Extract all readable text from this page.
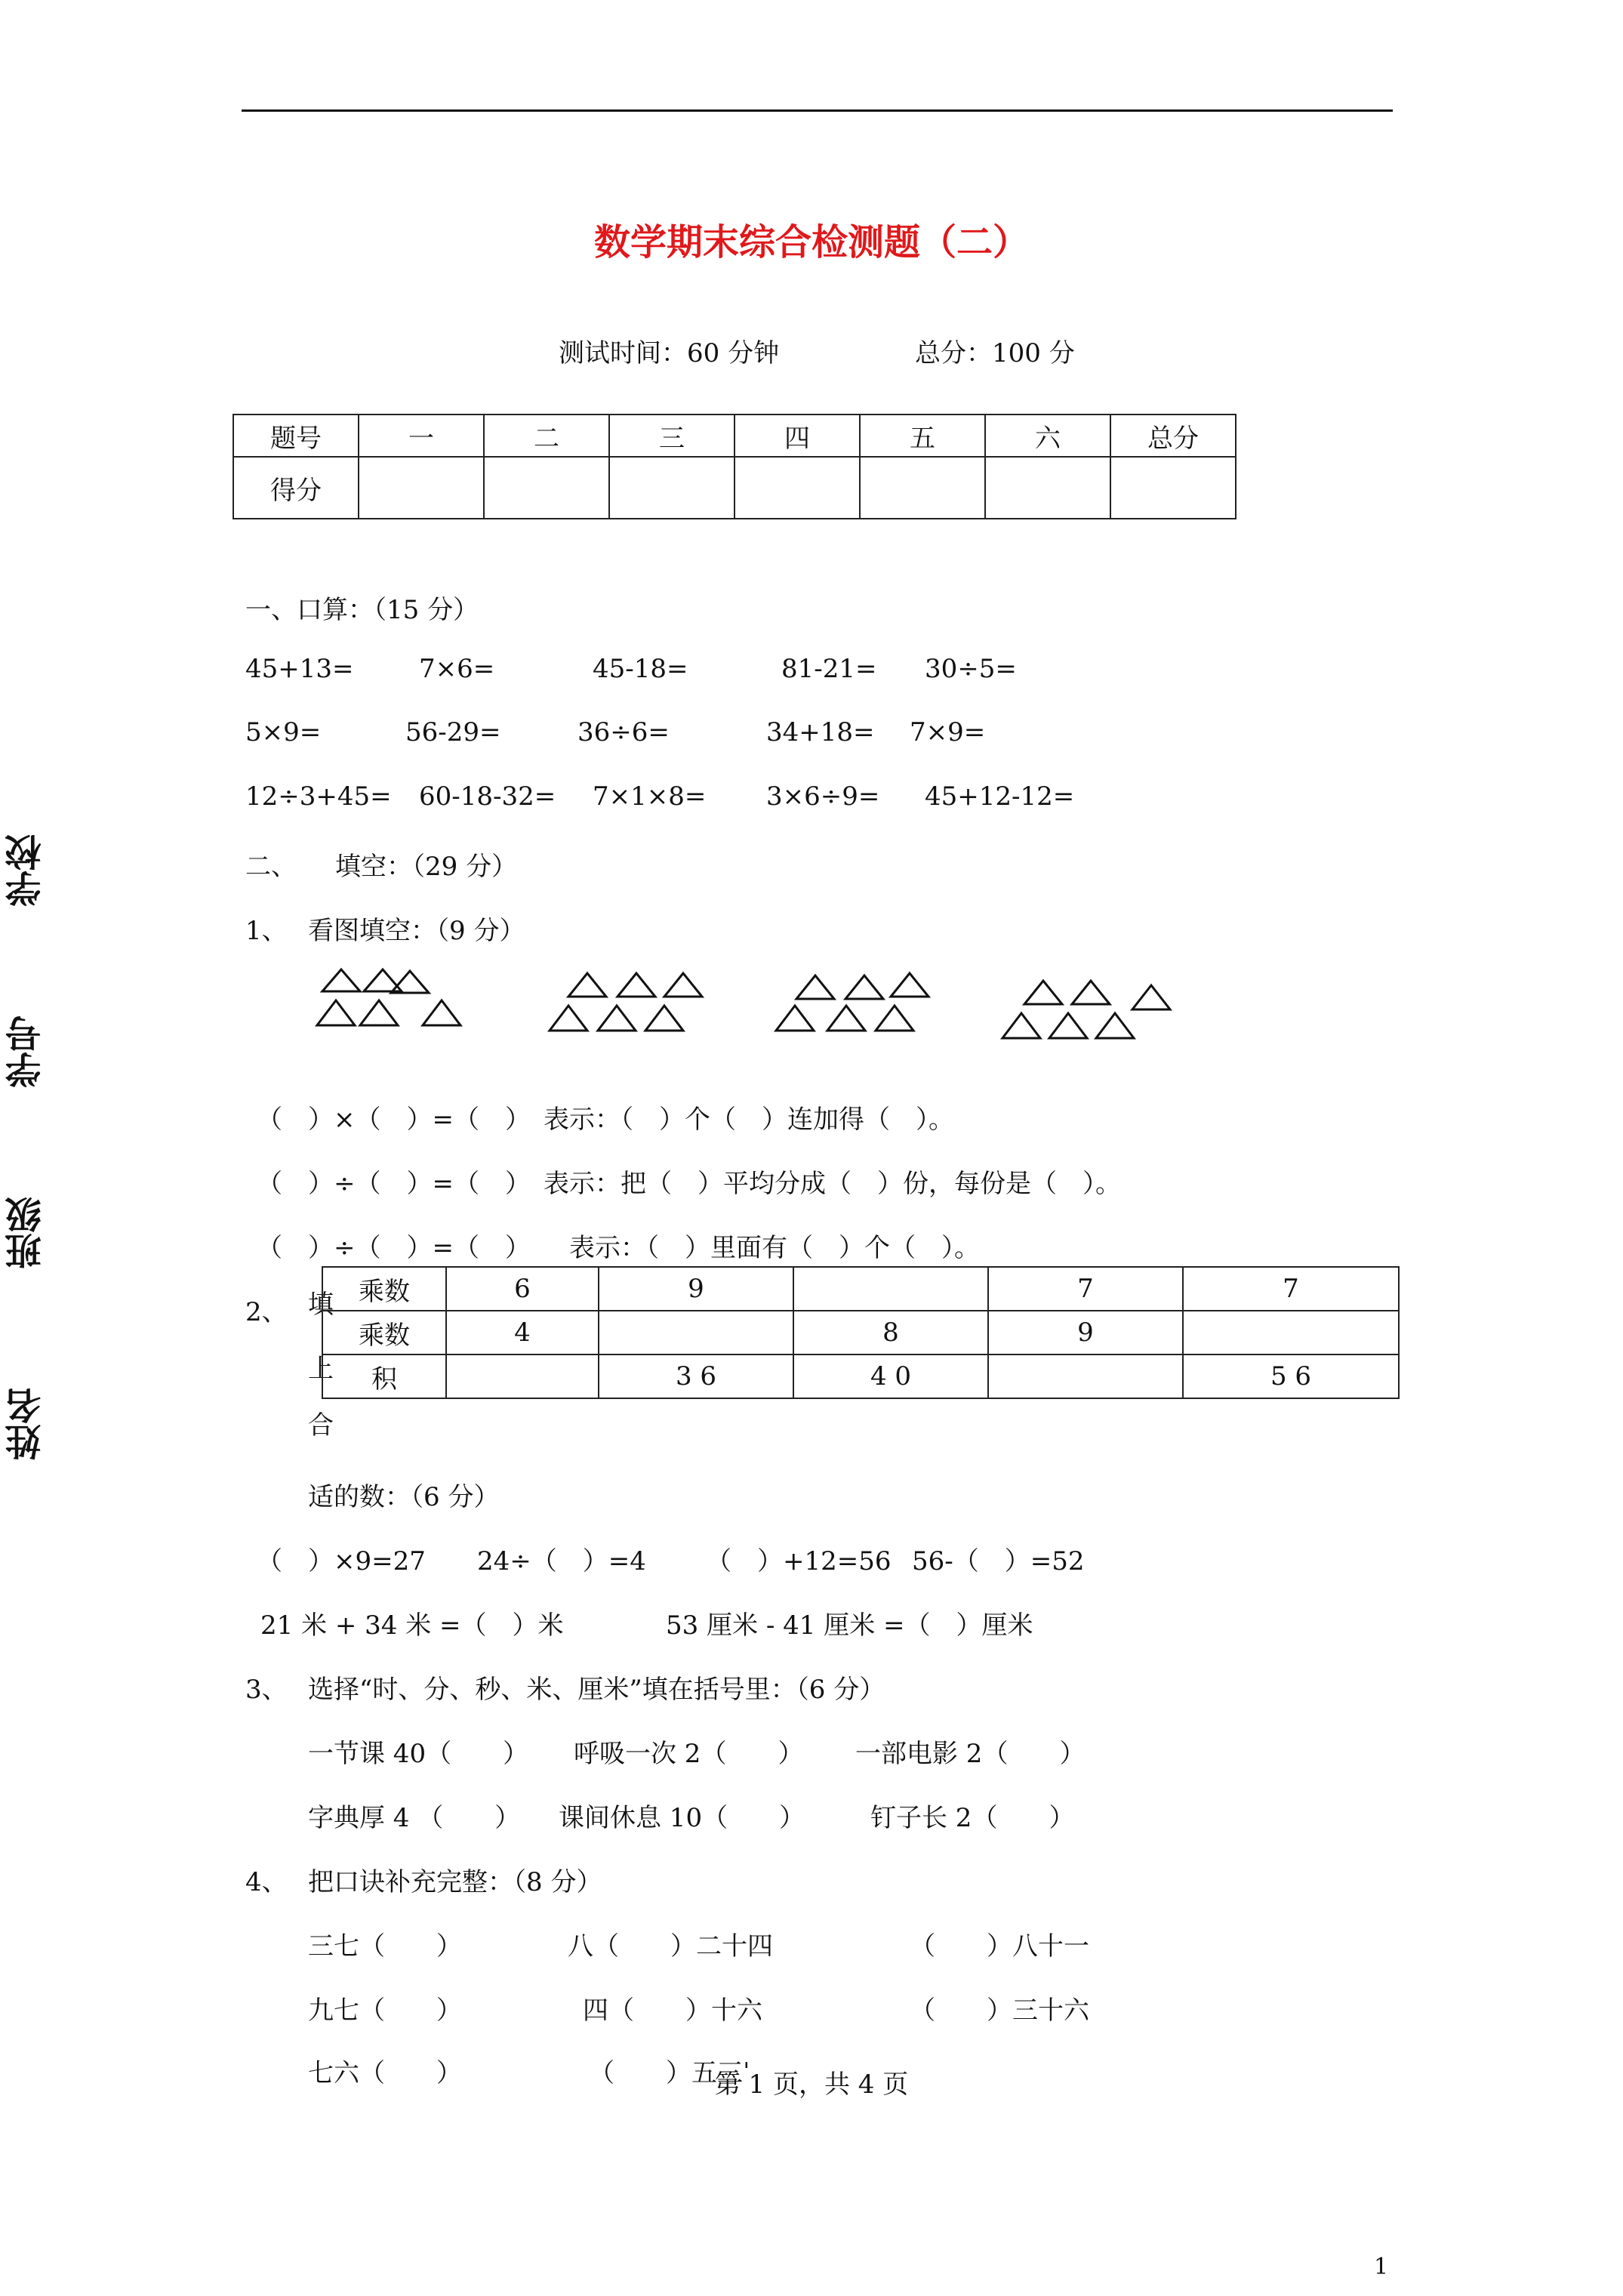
数学期末综合检测题（二）
测试时间：60 分钟	总分：100 分
学校
学号
班级
姓名
题号	一	二	三	四	五	六	总分
得分							
一、口算：（15 分）
45+13=	7×6=	45-18=	81-21= 30÷5=
5×9=	56-29=	36÷6=	34+18= 7×9=
12÷3+45= 60-18-32= 7×1×8= 3×6÷9= 45+12-12=
二、　　填空：（29 分）
1、 看图填空：（9 分）
（　）×（　）=（　）　表示：（　）个（　）连加得（　）。
（　）÷（　）=（　）　表示：把（　）平均分成（　）份，每份是（　）。
（　）÷（　）=（　）　　表示：（　）里面有（　）个（　）。
2、 填
上
合
乘数	6	9		7	7
乘数	4		8	9	
积		3 6	4 0		5 6
适的数：（6 分）
（　）×9=27 24÷（　）=4 （　）+12=56 56-（　）=52
21 米 + 34 米 =（　）米	53 厘米 - 41 厘米 =（　）厘米
3、 选择“时、分、秒、米、厘米”填在括号里：（6 分）
一节课 40（　　） 呼吸一次 2（　　） 一部电影 2（　　）
字典厚 4 （　　） 课间休息 10（　　）	钉子长 2（　　）
4、 把口诀补充完整：（8 分）
三七（　　）	八（　　）二十四	（　　）八十一
九七（　　）	四（　　）十六	（　　）三十六
七六（　　）	（　　）五三ˈ
第 1 页，共 4 页
1
